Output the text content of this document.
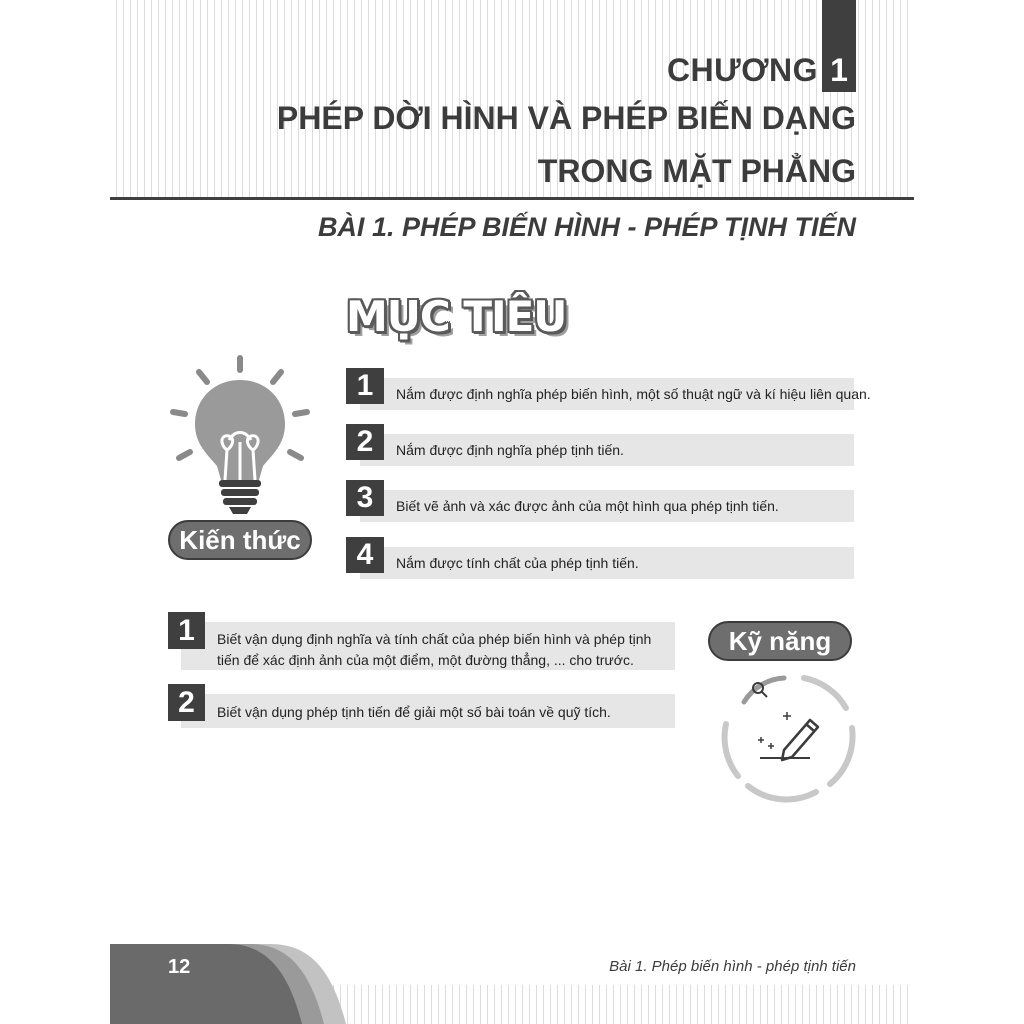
CHƯƠNG 1
PHÉP DỜI HÌNH VÀ PHÉP BIẾN DẠNG
TRONG MẶT PHẲNG
BÀI 1. PHÉP BIẾN HÌNH - PHÉP TỊNH TIẾN
MỤC TIÊU
Kiến thức
1	Nắm được định nghĩa phép biến hình, một số thuật ngữ và kí hiệu liên quan.
2	Nắm được định nghĩa phép tịnh tiến.
3	Biết vẽ ảnh và xác được ảnh của một hình qua phép tịnh tiến.
4	Nắm được tính chất của phép tịnh tiến.
1	Biết vận dụng định nghĩa và tính chất của phép biến hình và phép tịnh
tiến để xác định ảnh của một điểm, một đường thẳng, ... cho trước.
2	Biết vận dụng phép tịnh tiến để giải một số bài toán về quỹ tích.
Kỹ năng
12	Bài 1. Phép biến hình - phép tịnh tiến
